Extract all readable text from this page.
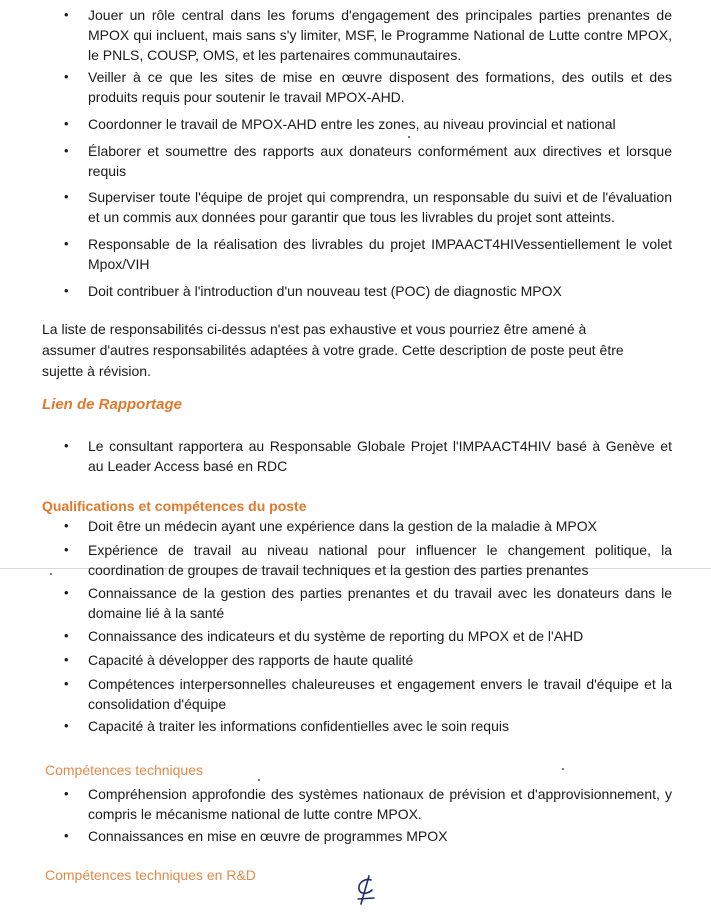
• Jouer un rôle central dans les forums d'engagement des principales parties prenantes de MPOX qui incluent, mais sans s'y limiter, MSF, le Programme National de Lutte contre MPOX, le PNLS, COUSP, OMS, et les partenaires communautaires.
• Veiller à ce que les sites de mise en œuvre disposent des formations, des outils et des produits requis pour soutenir le travail MPOX-AHD.
• Coordonner le travail de MPOX-AHD entre les zones, au niveau provincial et national
• Élaborer et soumettre des rapports aux donateurs conformément aux directives et lorsque requis
• Superviser toute l'équipe de projet qui comprendra, un responsable du suivi et de l'évaluation et un commis aux données pour garantir que tous les livrables du projet sont atteints.
• Responsable de la réalisation des livrables du projet IMPAACT4HIVessentiellement le volet Mpox/VIH
• Doit contribuer à l'introduction d'un nouveau test (POC) de diagnostic MPOX

La liste de responsabilités ci-dessus n'est pas exhaustive et vous pourriez être amené à assumer d'autres responsabilités adaptées à votre grade. Cette description de poste peut être sujette à révision.

Lien de Rapportage
• Le consultant rapportera au Responsable Globale Projet l'IMPAACT4HIV basé à Genève et au Leader Access basé en RDC
Qualifications et compétences du poste
• Doit être un médecin ayant une expérience dans la gestion de la maladie à MPOX
• Expérience de travail au niveau national pour influencer le changement politique, la coordination de groupes de travail techniques et la gestion des parties prenantes
• Connaissance de la gestion des parties prenantes et du travail avec les donateurs dans le domaine lié à la santé
• Connaissance des indicateurs et du système de reporting du MPOX et de l'AHD
• Capacité à développer des rapports de haute qualité
• Compétences interpersonnelles chaleureuses et engagement envers le travail d'équipe et la consolidation d'équipe
• Capacité à traiter les informations confidentielles avec le soin requis
Compétences techniques
• Compréhension approfondie des systèmes nationaux de prévision et d'approvisionnement, y compris le mécanisme national de lutte contre MPOX.
• Connaissances en mise en œuvre de programmes MPOX
Compétences techniques en R&D
